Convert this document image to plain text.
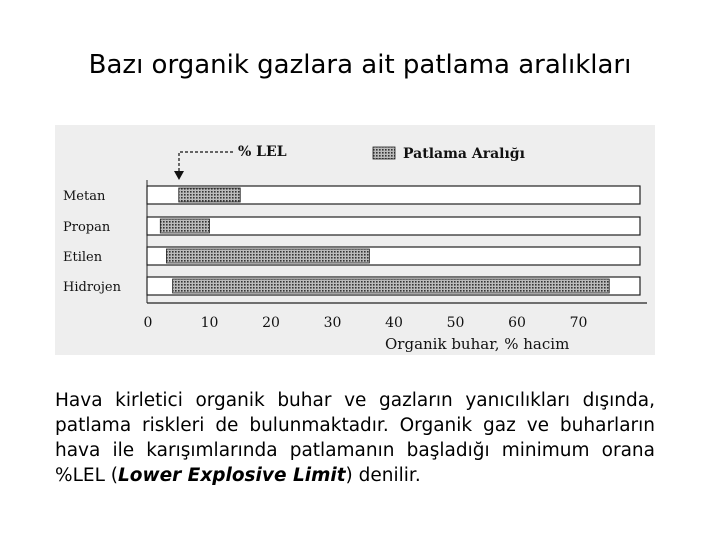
Bazı organik gazlara ait patlama aralıkları
Metan
Propan
Etilen
Hidrojen
0	10	20	30	40	50	60	70
Organik buhar, % hacim
Patlama Aralığı
% LEL
Hava kirletici organik buhar ve gazların yanıcılıkları dışında, patlama riskleri de bulunmaktadır. Organik gaz ve buharların hava ile karışımlarında patlamanın başladığı minimum orana %LEL (Lower Explosive Limit) denilir.
